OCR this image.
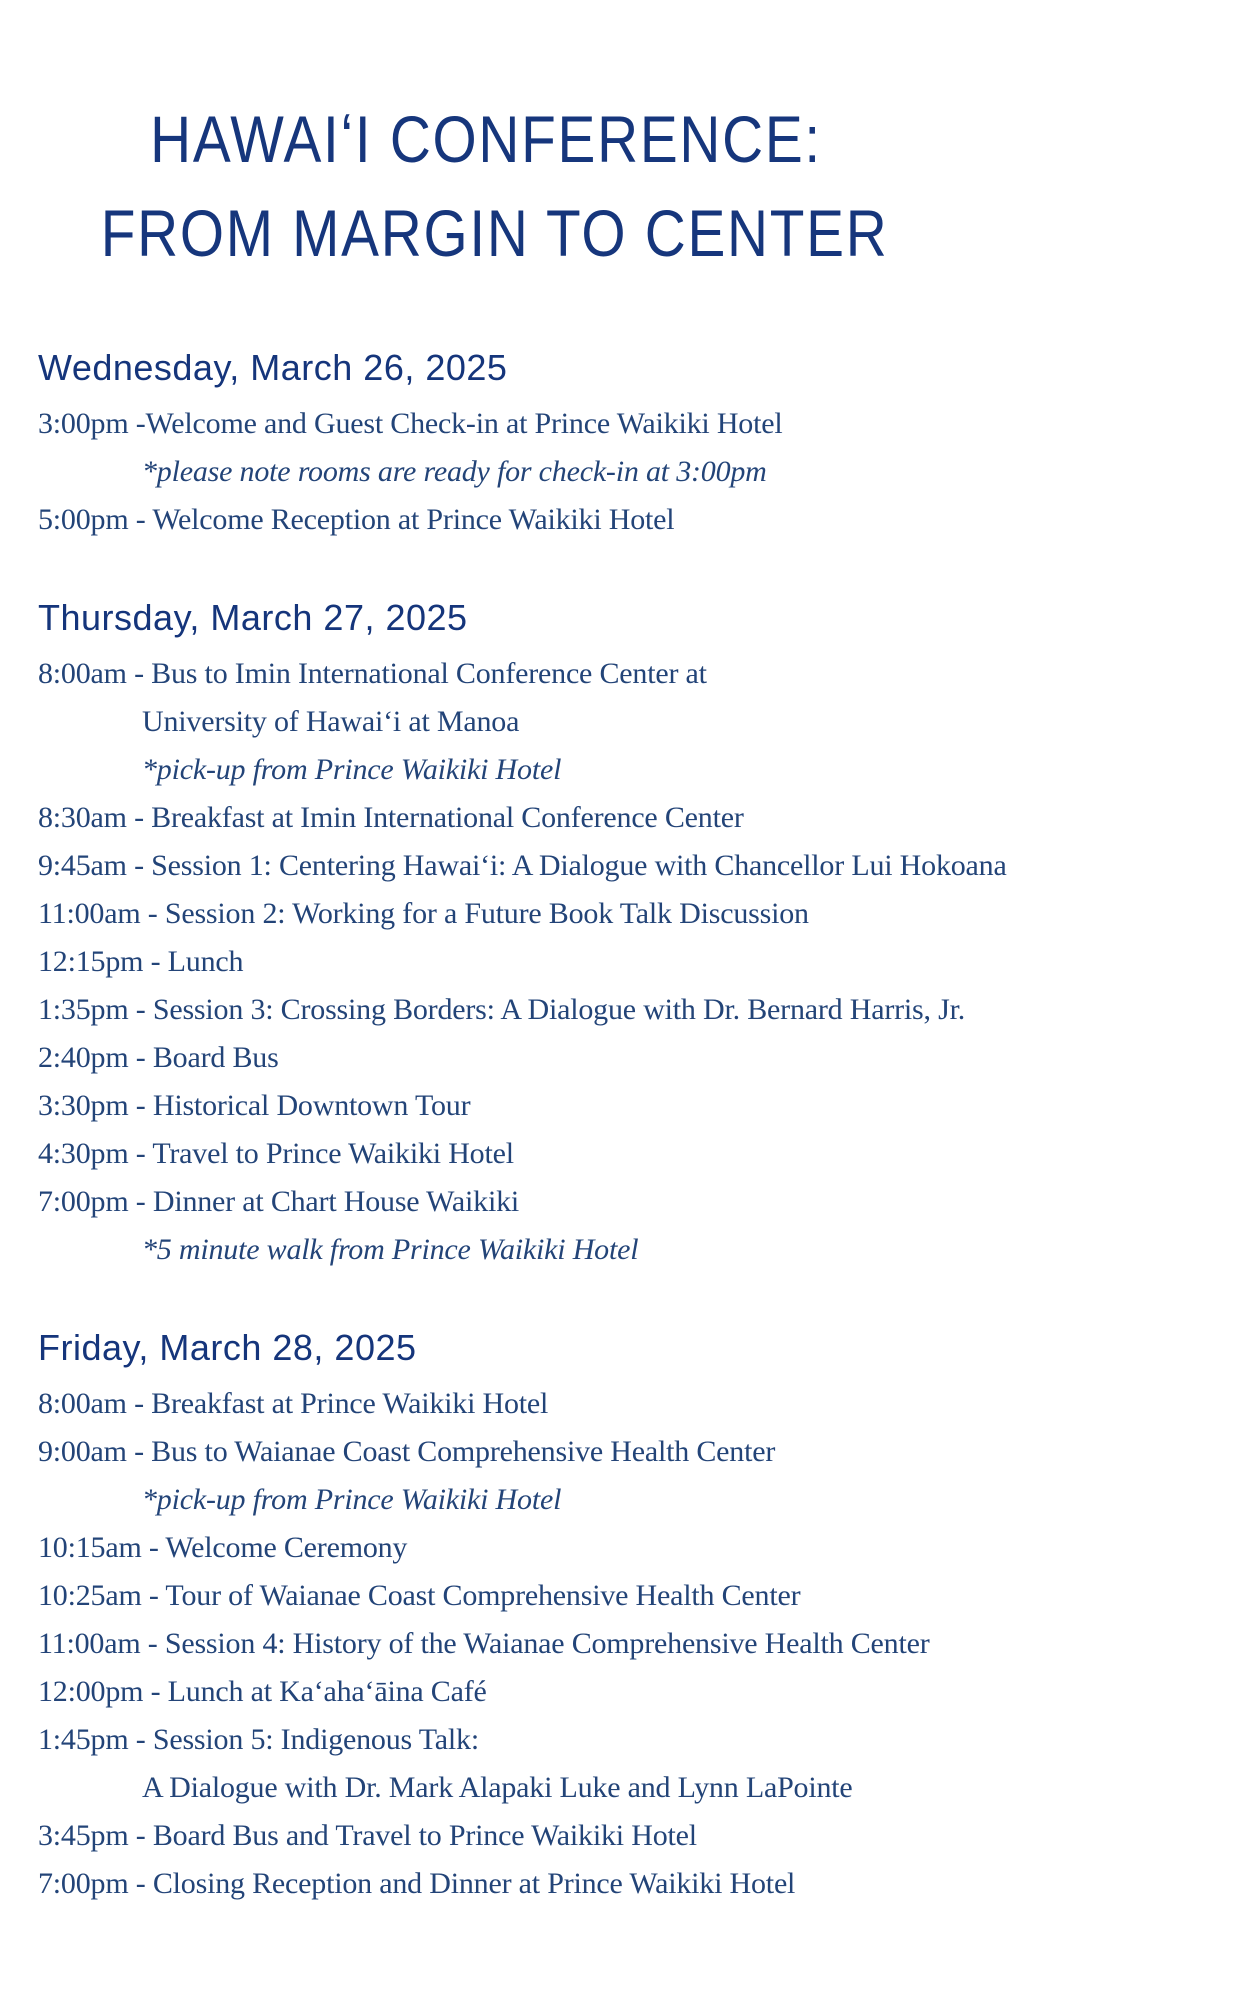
HAWAIʻI CONFERENCE:
FROM MARGIN TO CENTER
Wednesday, March 26, 2025
3:00pm -Welcome and Guest Check-in at Prince Waikiki Hotel
*please note rooms are ready for check-in at 3:00pm
5:00pm - Welcome Reception at Prince Waikiki Hotel
Thursday, March 27, 2025
8:00am - Bus to Imin International Conference Center at
University of Hawaiʻi at Manoa
*pick-up from Prince Waikiki Hotel
8:30am - Breakfast at Imin International Conference Center
9:45am - Session 1: Centering Hawaiʻi: A Dialogue with Chancellor Lui Hokoana
11:00am - Session 2: Working for a Future Book Talk Discussion
12:15pm - Lunch
1:35pm - Session 3: Crossing Borders: A Dialogue with Dr. Bernard Harris, Jr.
2:40pm - Board Bus
3:30pm - Historical Downtown Tour
4:30pm - Travel to Prince Waikiki Hotel
7:00pm - Dinner at Chart House Waikiki
*5 minute walk from Prince Waikiki Hotel
Friday, March 28, 2025
8:00am - Breakfast at Prince Waikiki Hotel
9:00am - Bus to Waianae Coast Comprehensive Health Center
*pick-up from Prince Waikiki Hotel
10:15am - Welcome Ceremony
10:25am - Tour of Waianae Coast Comprehensive Health Center
11:00am - Session 4: History of the Waianae Comprehensive Health Center
12:00pm - Lunch at Kaʻahaʻāina Café
1:45pm - Session 5: Indigenous Talk:
A Dialogue with Dr. Mark Alapaki Luke and Lynn LaPointe
3:45pm - Board Bus and Travel to Prince Waikiki Hotel
7:00pm - Closing Reception and Dinner at Prince Waikiki Hotel
